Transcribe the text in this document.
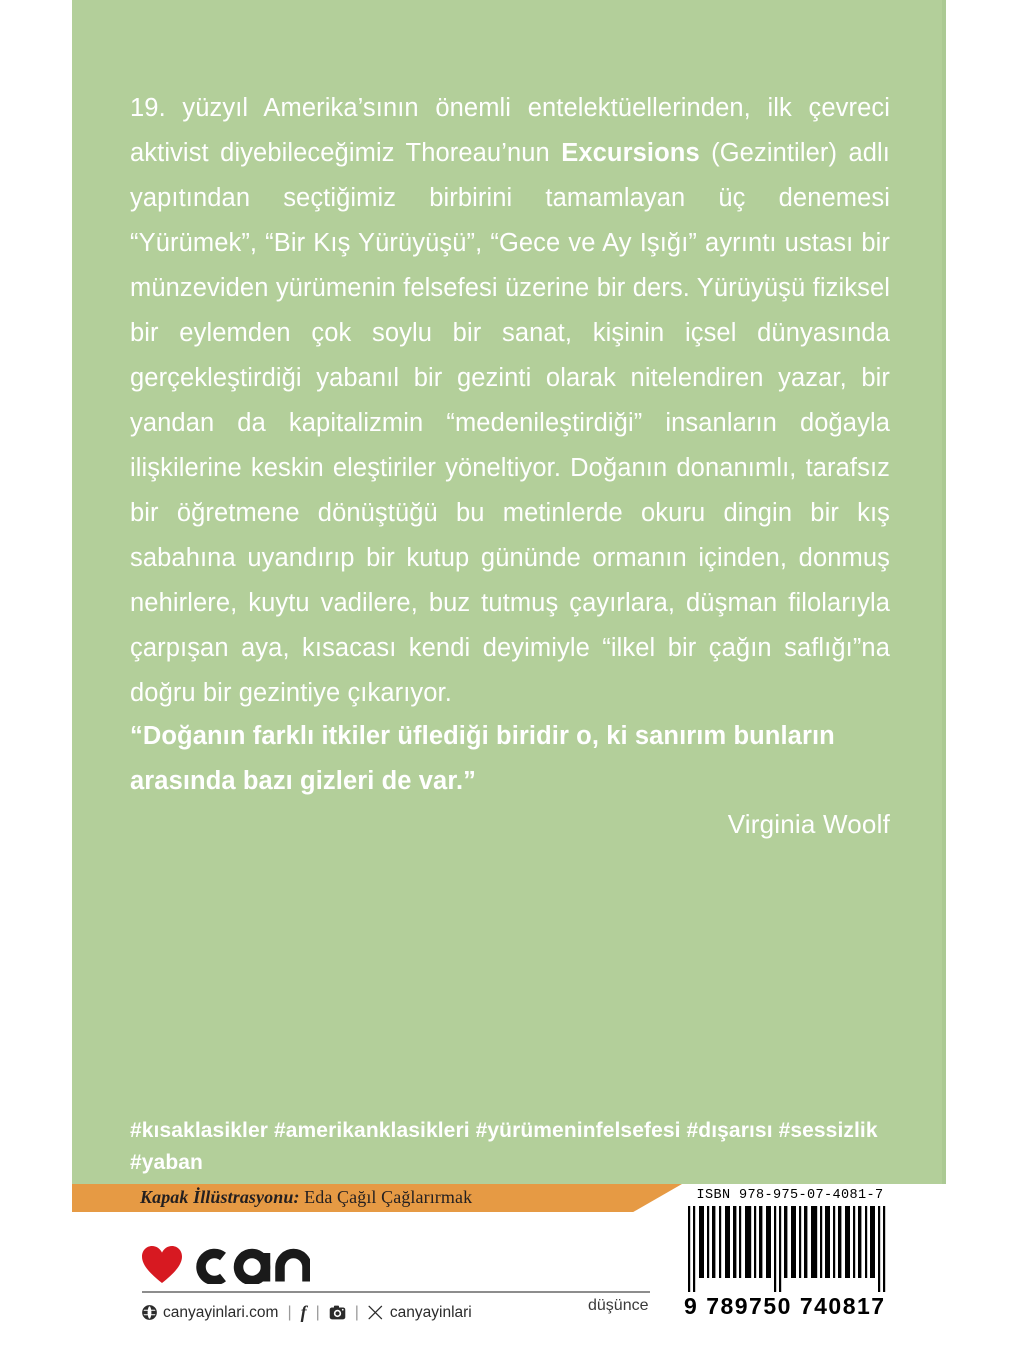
19. yüzyıl Amerika’sının önemli entelektüellerinden, ilk çevreci aktivist diyebileceğimiz Thoreau’nun Excursions (Gezintiler) adlı yapıtından seçtiğimiz birbirini tamamlayan üç denemesi “Yürümek”, “Bir Kış Yürüyüşü”, “Gece ve Ay Işığı” ayrıntı ustası bir münzeviden yürümenin felsefesi üzerine bir ders. Yürüyüşü fiziksel bir eylemden çok soylu bir sanat, kişinin içsel dünyasında gerçekleştirdiği yabanıl bir gezinti olarak nitelendiren yazar, bir yandan da kapitalizmin “medenileştirdiği” insanların doğayla ilişkilerine keskin eleştiriler yöneltiyor. Doğanın donanımlı, tarafsız bir öğretmene dönüştüğü bu metinlerde okuru dingin bir kış sabahına uyandırıp bir kutup gününde ormanın içinden, donmuş nehirlere, kuytu vadilere, buz tutmuş çayırlara, düşman filolarıyla çarpışan aya, kısacası kendi deyimiyle “ilkel bir çağın saflığı”na doğru bir gezintiye çıkarıyor.

“Doğanın farklı itkiler üflediği biridir o, ki sanırım bunların arasında bazı gizleri de var.”

Virginia Woolf

#kısaklasikler #amerikanklasikleri #yürümeninfelsefesi #dışarısı #sessizlik #yaban

Kapak İllüstrasyonu: Eda Çağıl Çağlarırmak
canyayinlari.com | f | | canyayinlari	düşünce
ISBN 978-975-07-4081-7
9 789750 740817
